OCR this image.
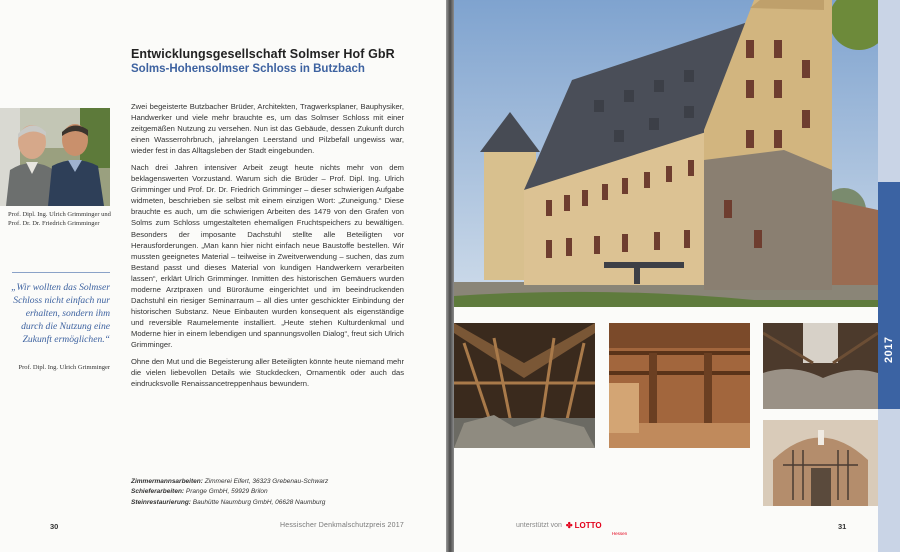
Entwicklungsgesellschaft Solmser Hof GbR
Solms-Hohensolmser Schloss in Butzbach
Prof. Dipl. Ing. Ulrich Grimminger und
Prof. Dr. Dr. Friedrich Grimminger
„Wir wollten das Solmser Schloss nicht einfach nur erhalten, sondern ihm durch die Nutzung eine Zukunft ermöglichen.“
Prof. Dipl. Ing. Ulrich Grimminger

Zwei begeisterte Butzbacher Brüder, Architekten, Tragwerksplaner, Bauphysiker, Handwerker und viele mehr brauchte es, um das Solmser Schloss mit einer zeitgemäßen Nutzung zu versehen. Nun ist das Gebäude, dessen Zukunft durch einen Wasserrohrbruch, jahrelangen Leerstand und Pilzbefall ungewiss war, wieder fest in das Alltagsleben der Stadt eingebunden.

Nach drei Jahren intensiver Arbeit zeugt heute nichts mehr von dem beklagenswerten Vorzustand. Warum sich die Brüder – Prof. Dipl. Ing. Ulrich Grimminger und Prof. Dr. Dr. Friedrich Grimminger – dieser schwierigen Aufgabe widmeten, beschrieben sie selbst mit einem einzigen Wort: „Zuneigung.“ Diese brauchte es auch, um die schwierigen Arbeiten des 1479 von den Grafen von Solms zum Schloss umgestalteten ehemaligen Fruchtspeichers zu bewältigen. Besonders der imposante Dachstuhl stellte alle Beteiligten vor Herausforderungen. „Man kann hier nicht einfach neue Baustoffe bestellen. Wir mussten geeignetes Material – teilweise in Zweitverwendung – suchen, das zum Bestand passt und dieses Material von kundigen Handwerkern verarbeiten lassen“, erklärt Ulrich Grimminger. Inmitten des historischen Gemäuers wurden moderne Arztpraxen und Büroräume eingerichtet und im beeindruckenden Dachstuhl ein riesiger Seminarraum – all dies unter geschickter Einbindung der historischen Substanz. Neue Einbauten wurden konsequent als eigenständige und reversible Raumelemente installiert. „Heute stehen Kulturdenkmal und Moderne hier in einem lebendigen und spannungsvollen Dialog“, freut sich Ulrich Grimminger.

Ohne den Mut und die Begeisterung aller Beteiligten könnte heute niemand mehr die vielen liebevollen Details wie Stuckdecken, Ornamentik oder auch das eindrucksvolle Renaissancetreppenhaus bewundern.

Zimmermannsarbeiten: Zimmerei Eifert, 36323 Grebenau-Schwarz
Schieferarbeiten: Prange GmbH, 59929 Brilon
Steinrestaurierung: Bauhütte Naumburg GmbH, 06628 Naumburg
30	Hessischer Denkmalschutzpreis 2017
2017
unterstützt von ✤ LOTTO
Hessen
31
